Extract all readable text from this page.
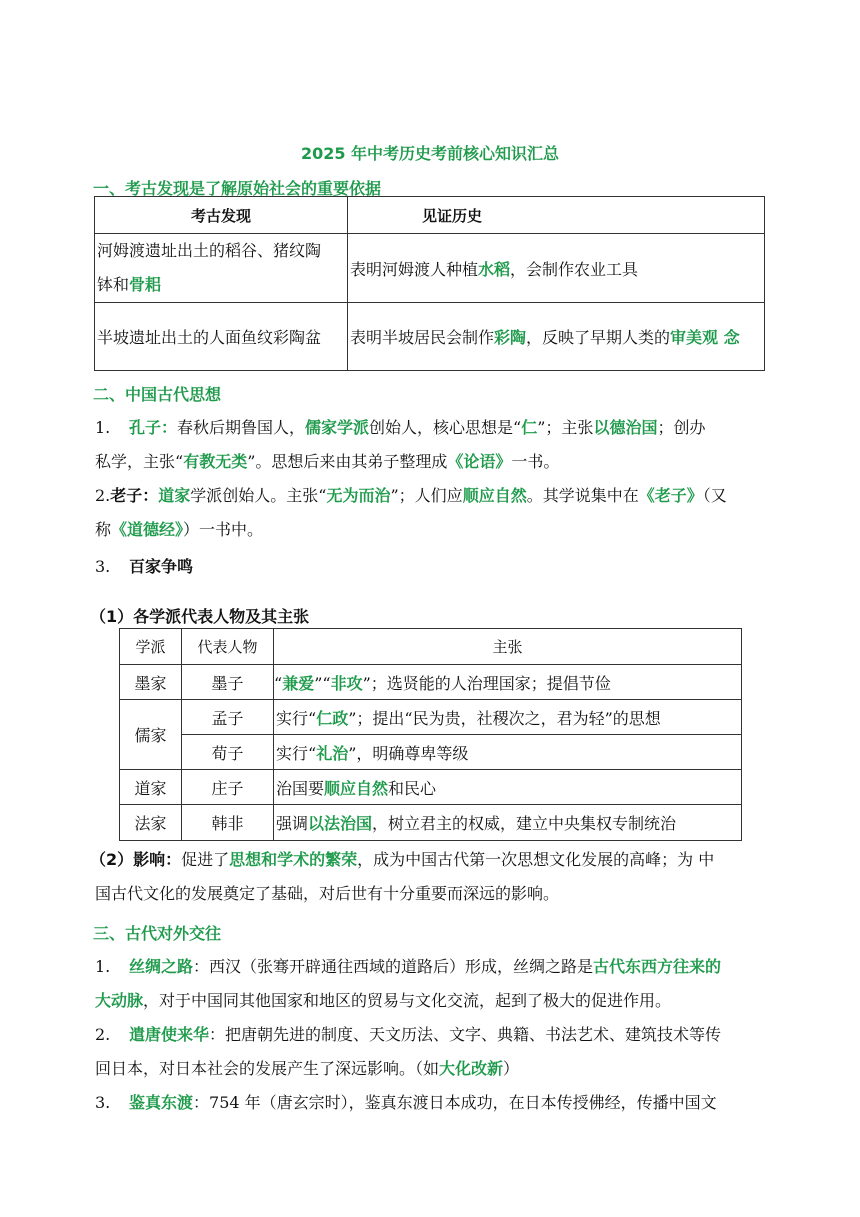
2025 年中考历史考前核心知识汇总
一、考古发现是了解原始社会的重要依据
考古发现	见证历史
河姆渡遗址出土的稻谷、猪纹陶
钵和骨耜	表明河姆渡人种植水稻，会制作农业工具
半坡遗址出土的人面鱼纹彩陶盆	表明半坡居民会制作彩陶，反映了早期人类的审美观 念
二、中国古代思想
1. 孔子：春秋后期鲁国人，儒家学派创始人，核心思想是“仁”；主张以德治国；创办
私学，主张“有教无类”。思想后来由其弟子整理成《论语》一书。
2.老子：道家学派创始人。主张“无为而治”；人们应顺应自然。其学说集中在《老子》（又
称《道德经》）一书中。
3. 百家争鸣
（1）各学派代表人物及其主张
学派	代表人物	主张
墨家	墨子	“兼爱”“非攻”；选贤能的人治理国家；提倡节俭
儒家	孟子	实行“仁政”；提出“民为贵，社稷次之，君为轻”的思想
	荀子	实行“礼治”，明确尊卑等级
道家	庄子	治国要顺应自然和民心
法家	韩非	强调以法治国，树立君主的权威，建立中央集权专制统治
（2）影响：促进了思想和学术的繁荣，成为中国古代第一次思想文化发展的高峰；为 中
国古代文化的发展奠定了基础，对后世有十分重要而深远的影响。
三、古代对外交往
1. 丝绸之路：西汉（张骞开辟通往西域的道路后）形成，丝绸之路是古代东西方往来的
大动脉，对于中国同其他国家和地区的贸易与文化交流，起到了极大的促进作用。
2. 遣唐使来华：把唐朝先进的制度、天文历法、文字、典籍、书法艺术、建筑技术等传
回日本，对日本社会的发展产生了深远影响。（如大化改新）
3. 鉴真东渡：754 年（唐玄宗时），鉴真东渡日本成功，在日本传授佛经，传播中国文
